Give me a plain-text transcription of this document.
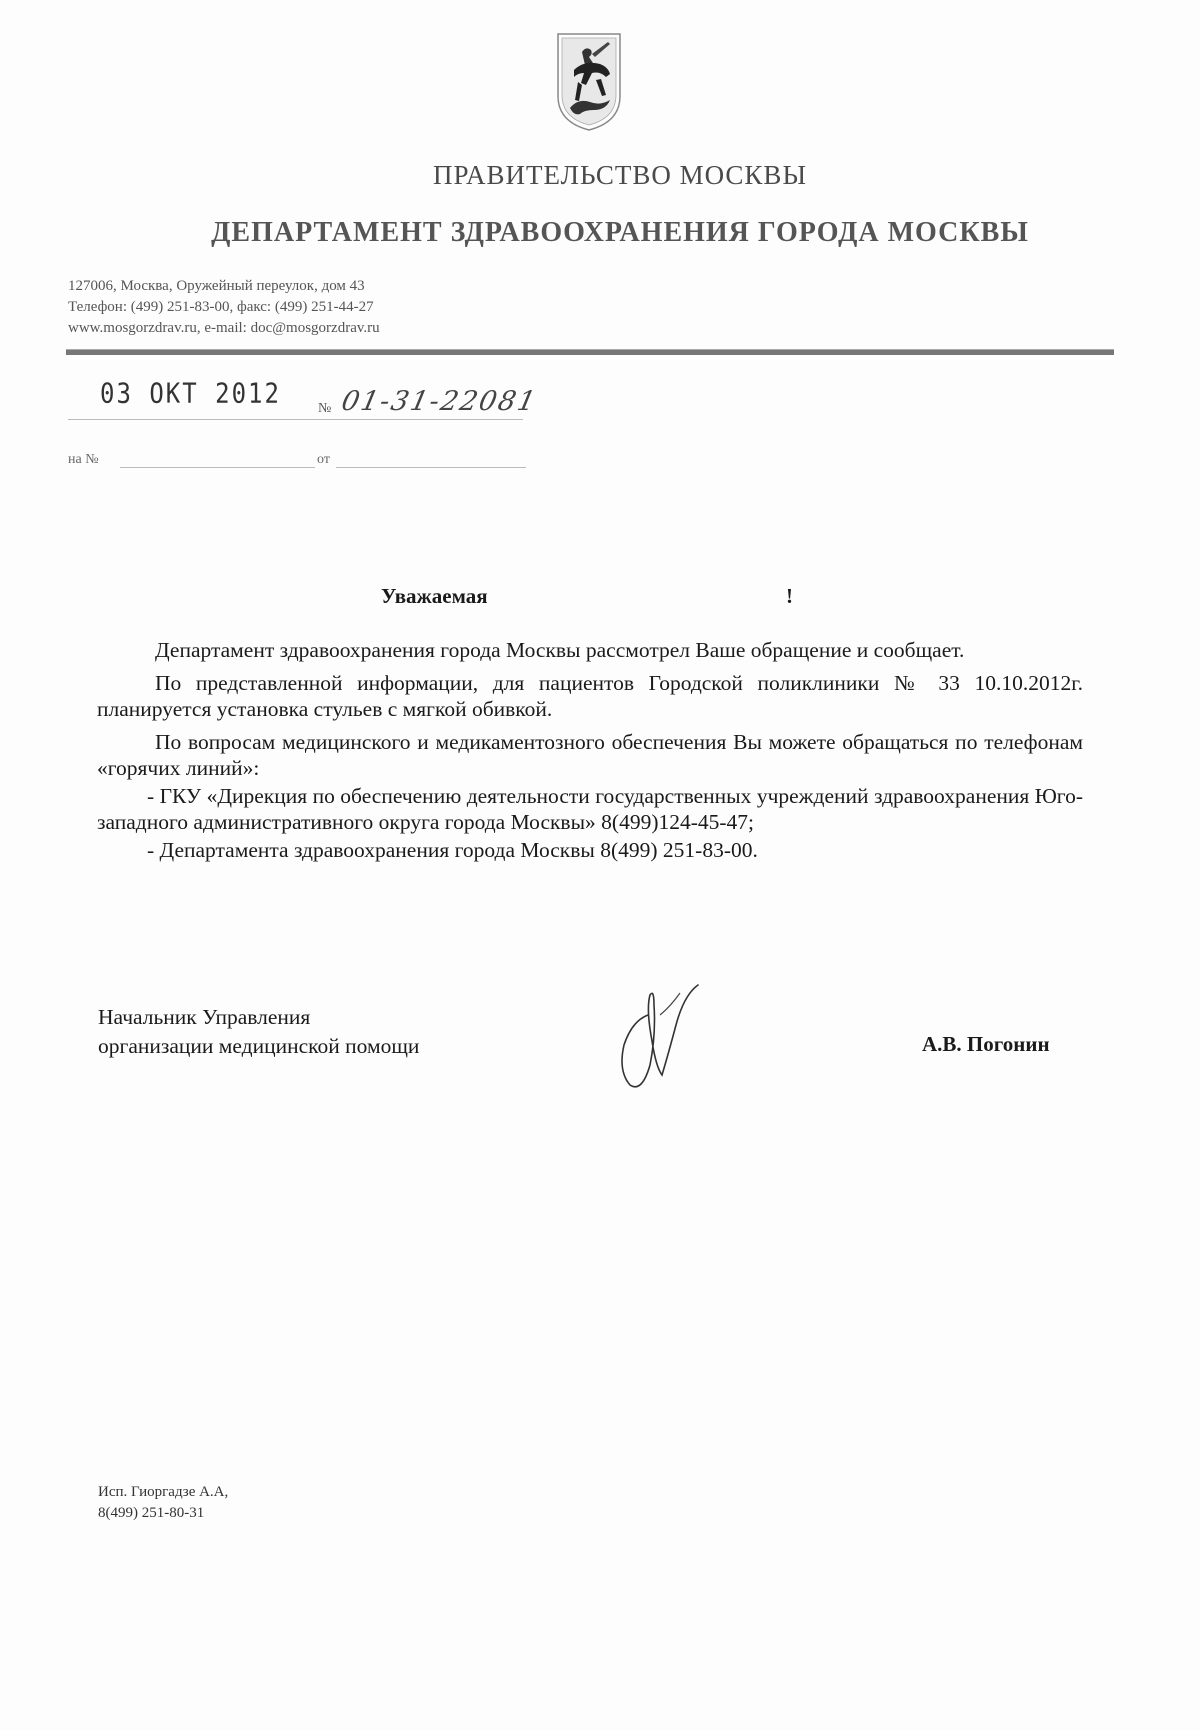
ПРАВИТЕЛЬСТВО МОСКВЫ
ДЕПАРТАМЕНТ ЗДРАВООХРАНЕНИЯ ГОРОДА МОСКВЫ
127006, Москва, Оружейный переулок, дом 43
Телефон: (499) 251-83-00, факс: (499) 251-44-27
www.mosgorzdrav.ru, e-mail: doc@mosgorzdrav.ru
03 ОКТ 2012	№ 01-31-22081
на №	от
Уважаемая	!

Департамент здравоохранения города Москвы рассмотрел Ваше обращение и сообщает.

По представленной информации, для пациентов Городской поликлиники № 33 10.10.2012г. планируется установка стульев с мягкой обивкой.

По вопросам медицинского и медикаментозного обеспечения Вы можете обращаться по телефонам «горячих линий»:

- ГКУ «Дирекция по обеспечению деятельности государственных учреждений здравоохранения Юго-западного административного округа города Москвы» 8(499)124-45-47;

- Департамента здравоохранения города Москвы 8(499) 251-83-00.

Начальник Управления
организации медицинской помощи	А.В. Погонин
Исп. Гиоргадзе А.А,
8(499) 251-80-31
